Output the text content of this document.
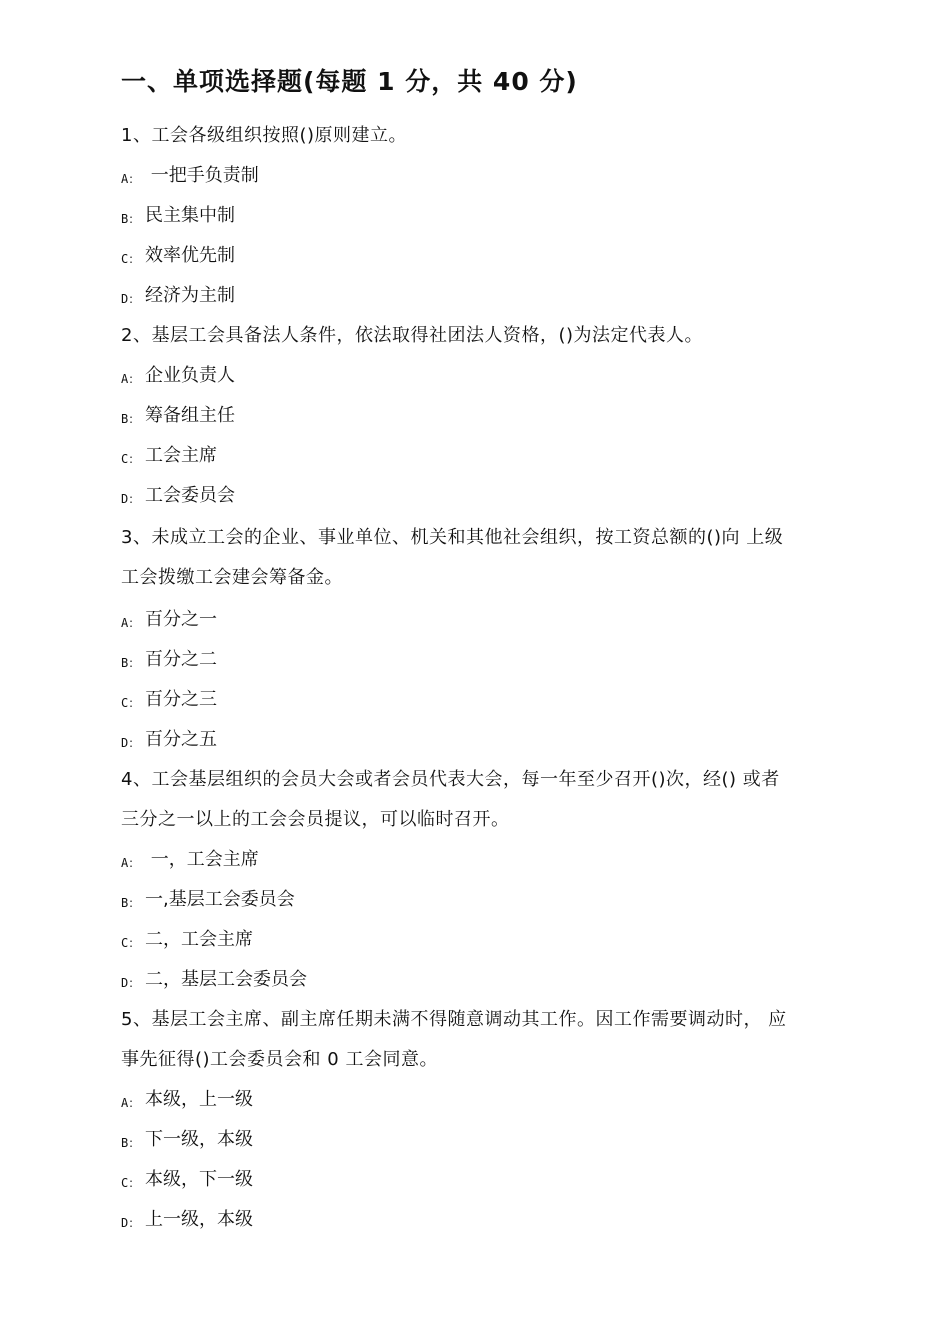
一、单项选择题(每题 1 分，共 40 分)
1、工会各级组织按照()原则建立。
A： 一把手负责制
B： 民主集中制
C： 效率优先制
D： 经济为主制
2、基层工会具备法人条件，依法取得社团法人资格，()为法定代表人。
A： 企业负责人
B： 筹备组主任
C： 工会主席
D： 工会委员会
3、未成立工会的企业、事业单位、机关和其他社会组织，按工资总额的()向 上级
工会拨缴工会建会筹备金。
A： 百分之一
B： 百分之二
C： 百分之三
D： 百分之五
4、工会基层组织的会员大会或者会员代表大会，每一年至少召开()次，经() 或者
三分之一以上的工会会员提议，可以临时召开。
A： 一，工会主席
B： 一,基层工会委员会
C： 二，工会主席
D： 二，基层工会委员会
5、基层工会主席、副主席任期未满不得随意调动其工作。因工作需要调动时， 应
事先征得()工会委员会和 0 工会同意。
A： 本级，上一级
B： 下一级，本级
C： 本级，下一级
D： 上一级，本级
